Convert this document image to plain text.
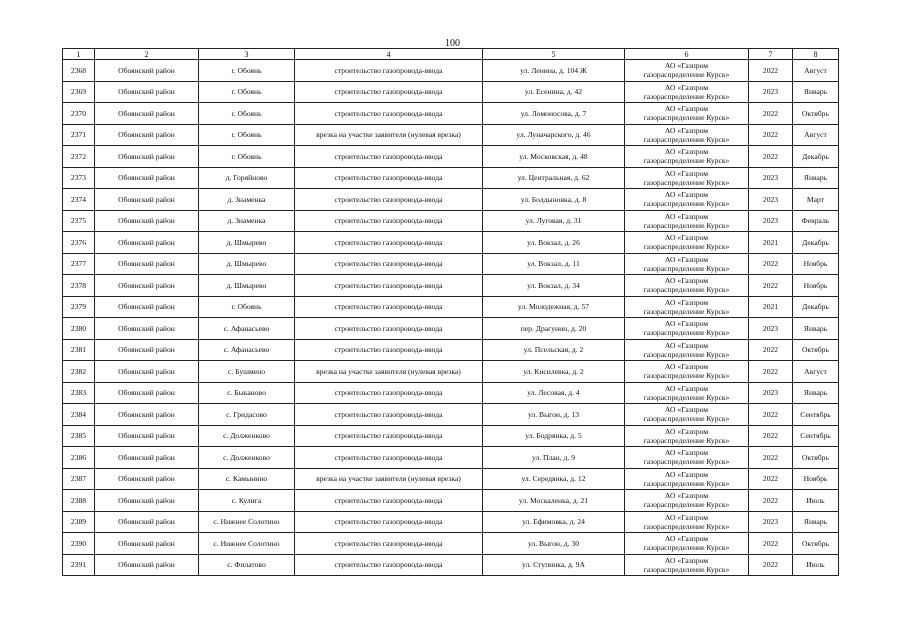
100
1	2	3	4	5	6	7	8
2368	Обоянский район	г. Обоянь	строительство газопровода-ввода	ул. Ленина, д. 104 Ж	АО «Газпром
газораспределение Курск»	2022	Август
2369	Обоянский район	г. Обоянь	строительство газопровода-ввода	ул. Есенина, д. 42	АО «Газпром
газораспределение Курск»	2023	Январь
2370	Обоянский район	г. Обоянь	строительство газопровода-ввода	ул. Ломоносова, д. 7	АО «Газпром
газораспределение Курск»	2022	Октябрь
2371	Обоянский район	г. Обоянь	врезка на участке заявителя (нулевая врезка)	ул. Луначарского, д. 46	АО «Газпром
газораспределение Курск»	2022	Август
2372	Обоянский район	г. Обоянь	строительство газопровода-ввода	ул. Московская, д. 48	АО «Газпром
газораспределение Курск»	2022	Декабрь
2373	Обоянский район	д. Горяйново	строительство газопровода-ввода	ул. Центральная, д. 62	АО «Газпром
газораспределение Курск»	2023	Январь
2374	Обоянский район	д. Знаменка	строительство газопровода-ввода	ул. Болдыновка, д. 8	АО «Газпром
газораспределение Курск»	2023	Март
2375	Обоянский район	д. Знаменка	строительство газопровода-ввода	ул. Луговая, д. 31	АО «Газпром
газораспределение Курск»	2023	Февраль
2376	Обоянский район	д. Шмырево	строительство газопровода-ввода	ул. Вокзал, д. 26	АО «Газпром
газораспределение Курск»	2021	Декабрь
2377	Обоянский район	д. Шмырево	строительство газопровода-ввода	ул. Вокзал, д. 11	АО «Газпром
газораспределение Курск»	2022	Ноябрь
2378	Обоянский район	д. Шмырево	строительство газопровода-ввода	ул. Вокзал, д. 34	АО «Газпром
газораспределение Курск»	2022	Ноябрь
2379	Обоянский район	г. Обоянь	строительство газопровода-ввода	ул. Молодежная, д. 57	АО «Газпром
газораспределение Курск»	2021	Декабрь
2380	Обоянский район	с. Афанасьево	строительство газопровода-ввода	пер. Драгунин, д. 20	АО «Газпром
газораспределение Курск»	2023	Январь
2381	Обоянский район	с. Афанасьево	строительство газопровода-ввода	ул. Псельская, д. 2	АО «Газпром
газораспределение Курск»	2022	Октябрь
2382	Обоянский район	с. Бушмено	врезка на участке заявителя (нулевая врезка)	ул. Кисилевка, д. 2	АО «Газпром
газораспределение Курск»	2022	Август
2383	Обоянский район	с. Быканово	строительство газопровода-ввода	ул. Лесовая, д. 4	АО «Газпром
газораспределение Курск»	2023	Январь
2384	Обоянский район	с. Гридасово	строительство газопровода-ввода	ул. Выгон, д. 13	АО «Газпром
газораспределение Курск»	2022	Сентябрь
2385	Обоянский район	с. Долженково	строительство газопровода-ввода	ул. Бодрянка, д. 5	АО «Газпром
газораспределение Курск»	2022	Сентябрь
2386	Обоянский район	с. Долженково	строительство газопровода-ввода	ул. План, д. 9	АО «Газпром
газораспределение Курск»	2022	Октябрь
2387	Обоянский район	с. Камынино	врезка на участке заявителя (нулевая врезка)	ул. Середянка, д. 12	АО «Газпром
газораспределение Курск»	2022	Ноябрь
2388	Обоянский район	с. Кулига	строительство газопровода-ввода	ул. Москаленка, д. 21	АО «Газпром
газораспределение Курск»	2022	Июль
2389	Обоянский район	с. Нижнее Солотино	строительство газопровода-ввода	ул. Ефимовка, д. 24	АО «Газпром
газораспределение Курск»	2023	Январь
2390	Обоянский район	с. Нижнее Солотино	строительство газопровода-ввода	ул. Выгон, д. 30	АО «Газпром
газораспределение Курск»	2022	Октябрь
2391	Обоянский район	с. Филатово	строительство газопровода-ввода	ул. Ступинка, д. 9А	АО «Газпром
газораспределение Курск»	2022	Июль
